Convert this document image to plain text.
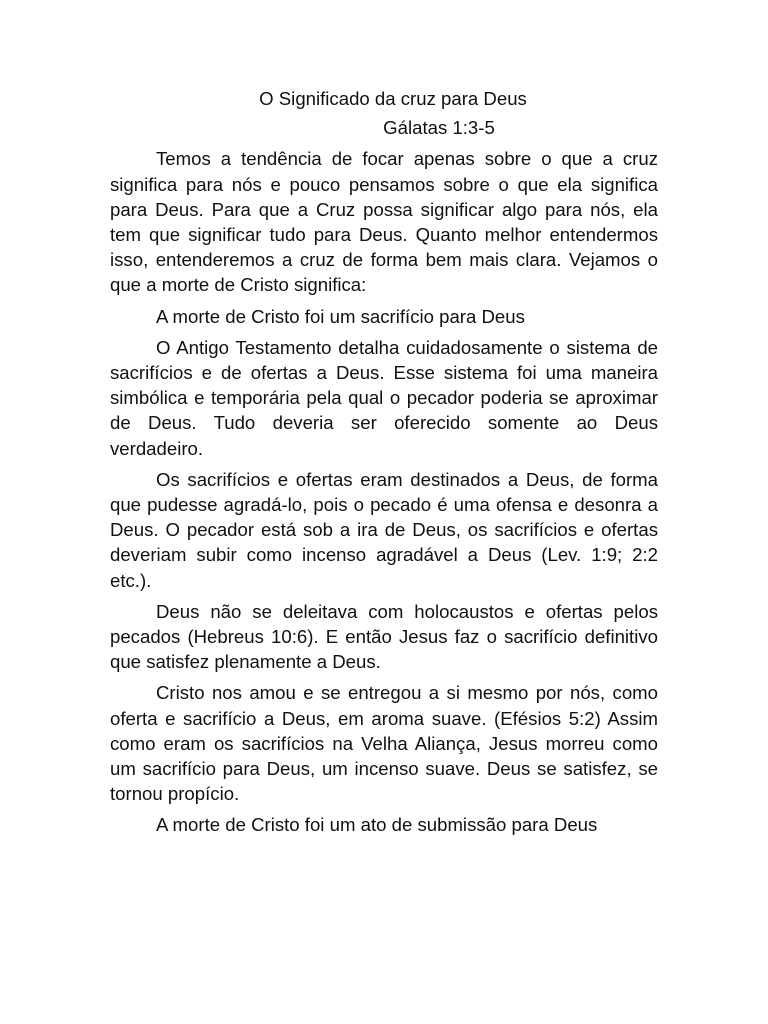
O Significado da cruz para Deus

Gálatas 1:3-5

Temos a tendência de focar apenas sobre o que a cruz significa para nós e pouco pensamos sobre o que ela significa para Deus. Para que a Cruz possa significar algo para nós, ela tem que significar tudo para Deus. Quanto melhor entendermos isso, entenderemos a cruz de forma bem mais clara. Vejamos o que a morte de Cristo significa:

A morte de Cristo foi um sacrifício para Deus

O Antigo Testamento detalha cuidadosamente o sistema de sacrifícios e de ofertas a Deus. Esse sistema foi uma maneira simbólica e temporária pela qual o pecador poderia se aproximar de Deus. Tudo deveria ser oferecido somente ao Deus verdadeiro.

Os sacrifícios e ofertas eram destinados a Deus, de forma que pudesse agradá-lo, pois o pecado é uma ofensa e desonra a Deus. O pecador está sob a ira de Deus, os sacrifícios e ofertas deveriam subir como incenso agradável a Deus (Lev. 1:9; 2:2 etc.).

Deus não se deleitava com holocaustos e ofertas pelos pecados (Hebreus 10:6). E então Jesus faz o sacrifício definitivo que satisfez plenamente a Deus.

Cristo nos amou e se entregou a si mesmo por nós, como oferta e sacrifício a Deus, em aroma suave. (Efésios 5:2) Assim como eram os sacrifícios na Velha Aliança, Jesus morreu como um sacrifício para Deus, um incenso suave. Deus se satisfez, se tornou propício.

A morte de Cristo foi um ato de submissão para Deus
